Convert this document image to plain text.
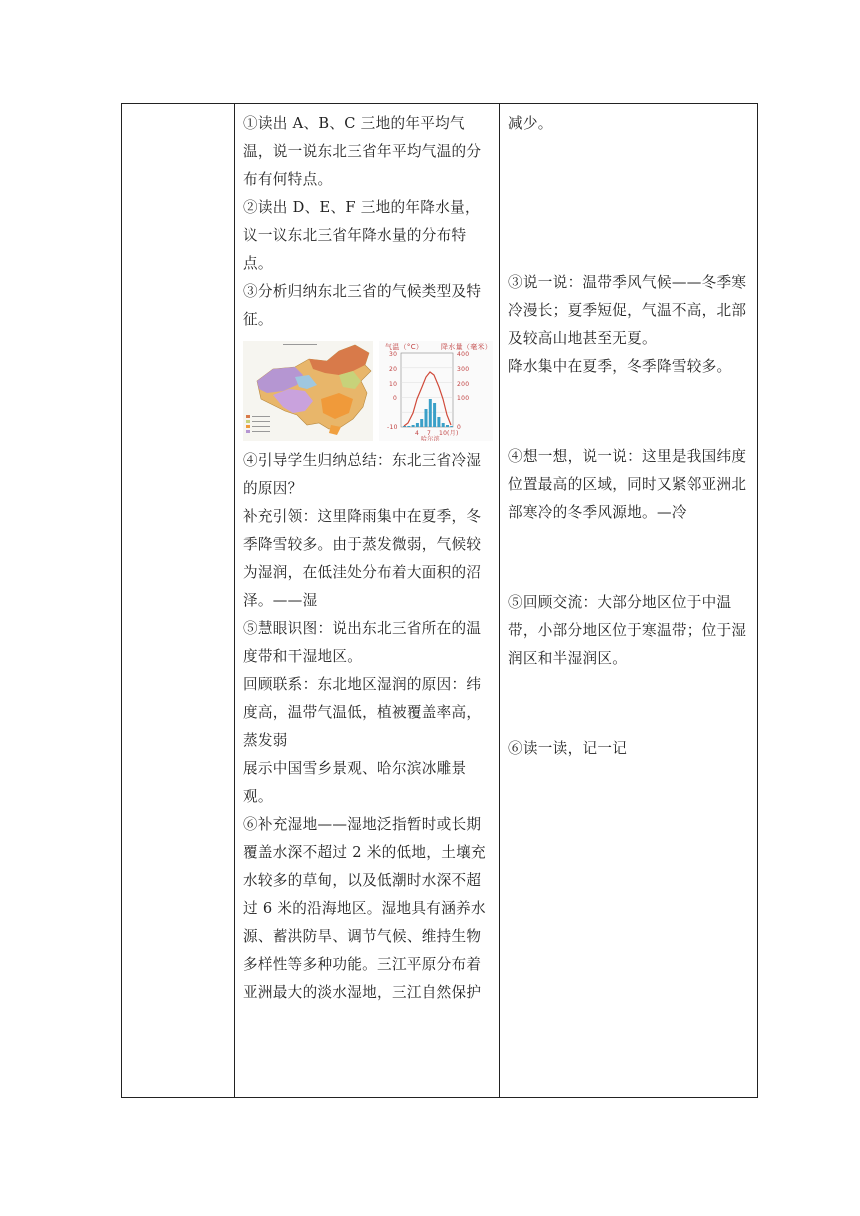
①读出 A、B、C 三地的年平均气温，说一说东北三省年平均气温的分布有何特点。

②读出 D、E、F 三地的年降水量，议一议东北三省年降水量的分布特点。

③分析归纳东北三省的气候类型及特征。

气温（°C）	降水量（毫米）
30
20
10
0
-10
400
300
200
100
0
4 7 10 (月)
哈尔滨

④引导学生归纳总结：东北三省冷湿的原因？

补充引领：这里降雨集中在夏季，冬季降雪较多。由于蒸发微弱，气候较为湿润，在低洼处分布着大面积的沼泽。——湿

⑤慧眼识图：说出东北三省所在的温度带和干湿地区。

回顾联系：东北地区湿润的原因：纬度高，温带气温低，植被覆盖率高，蒸发弱

展示中国雪乡景观、哈尔滨冰雕景观。

⑥补充湿地——湿地泛指暂时或长期覆盖水深不超过 2 米的低地，土壤充水较多的草甸，以及低潮时水深不超过 6 米的沿海地区。湿地具有涵养水源、蓄洪防旱、调节气候、维持生物多样性等多种功能。三江平原分布着亚洲最大的淡水湿地，三江自然保护

减少。

③说一说：温带季风气候——冬季寒冷漫长；夏季短促，气温不高，北部及较高山地甚至无夏。

降水集中在夏季，冬季降雪较多。

④想一想，说一说：这里是我国纬度位置最高的区域，同时又紧邻亚洲北部寒冷的冬季风源地。—冷

⑤回顾交流：大部分地区位于中温带，小部分地区位于寒温带；位于湿润区和半湿润区。

⑥读一读，记一记
